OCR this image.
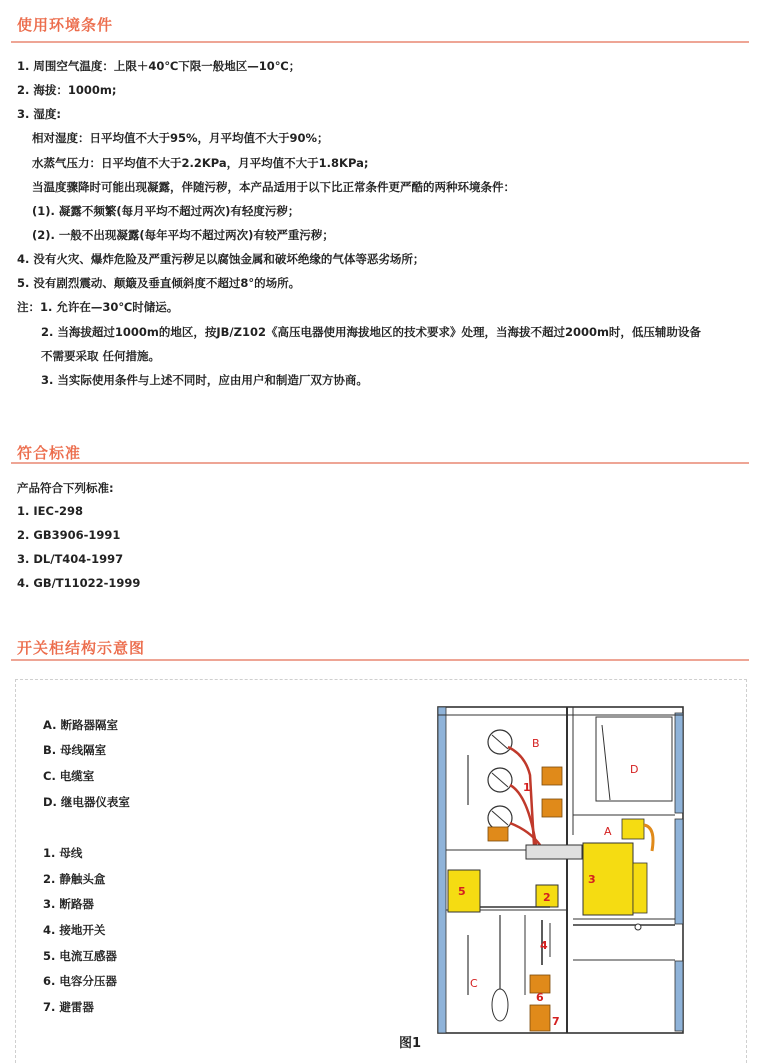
使用环境条件
1. 周围空气温度：上限＋40℃下限一般地区—10℃；
2. 海拔：1000m;
3. 湿度:
相对湿度：日平均值不大于95%，月平均值不大于90%；
水蒸气压力：日平均值不大于2.2KPa，月平均值不大于1.8KPa;
当温度骤降时可能出现凝露，伴随污秽，本产品适用于以下比正常条件更严酷的两种环境条件：
(1). 凝露不频繁(每月平均不超过两次)有轻度污秽；
(2). 一般不出现凝露(每年平均不超过两次)有较严重污秽；
4. 没有火灾、爆炸危险及严重污秽足以腐蚀金属和破坏绝缘的气体等恶劣场所；
5. 没有剧烈震动、颠簸及垂直倾斜度不超过8°的场所。
注：1. 允许在—30℃时储运。
2. 当海拔超过1000m的地区，按JB/Z102《高压电器使用海拔地区的技术要求》处理，当海拔不超过2000m时，低压辅助设备
不需要采取 任何措施。
3. 当实际使用条件与上述不同时，应由用户和制造厂双方协商。
符合标准
产品符合下列标准:
1. IEC-298
2. GB3906-1991
3. DL/T404-1997
4. GB/T11022-1999
开关柜结构示意图
A. 断路器隔室
B. 母线隔室
C. 电缆室
D. 继电器仪表室
1. 母线
2. 静触头盒
3. 断路器
4. 接地开关
5. 电流互感器
6. 电容分压器
7. 避雷器
A
B
C
D
1
2
3
4
5
6
7
图1
